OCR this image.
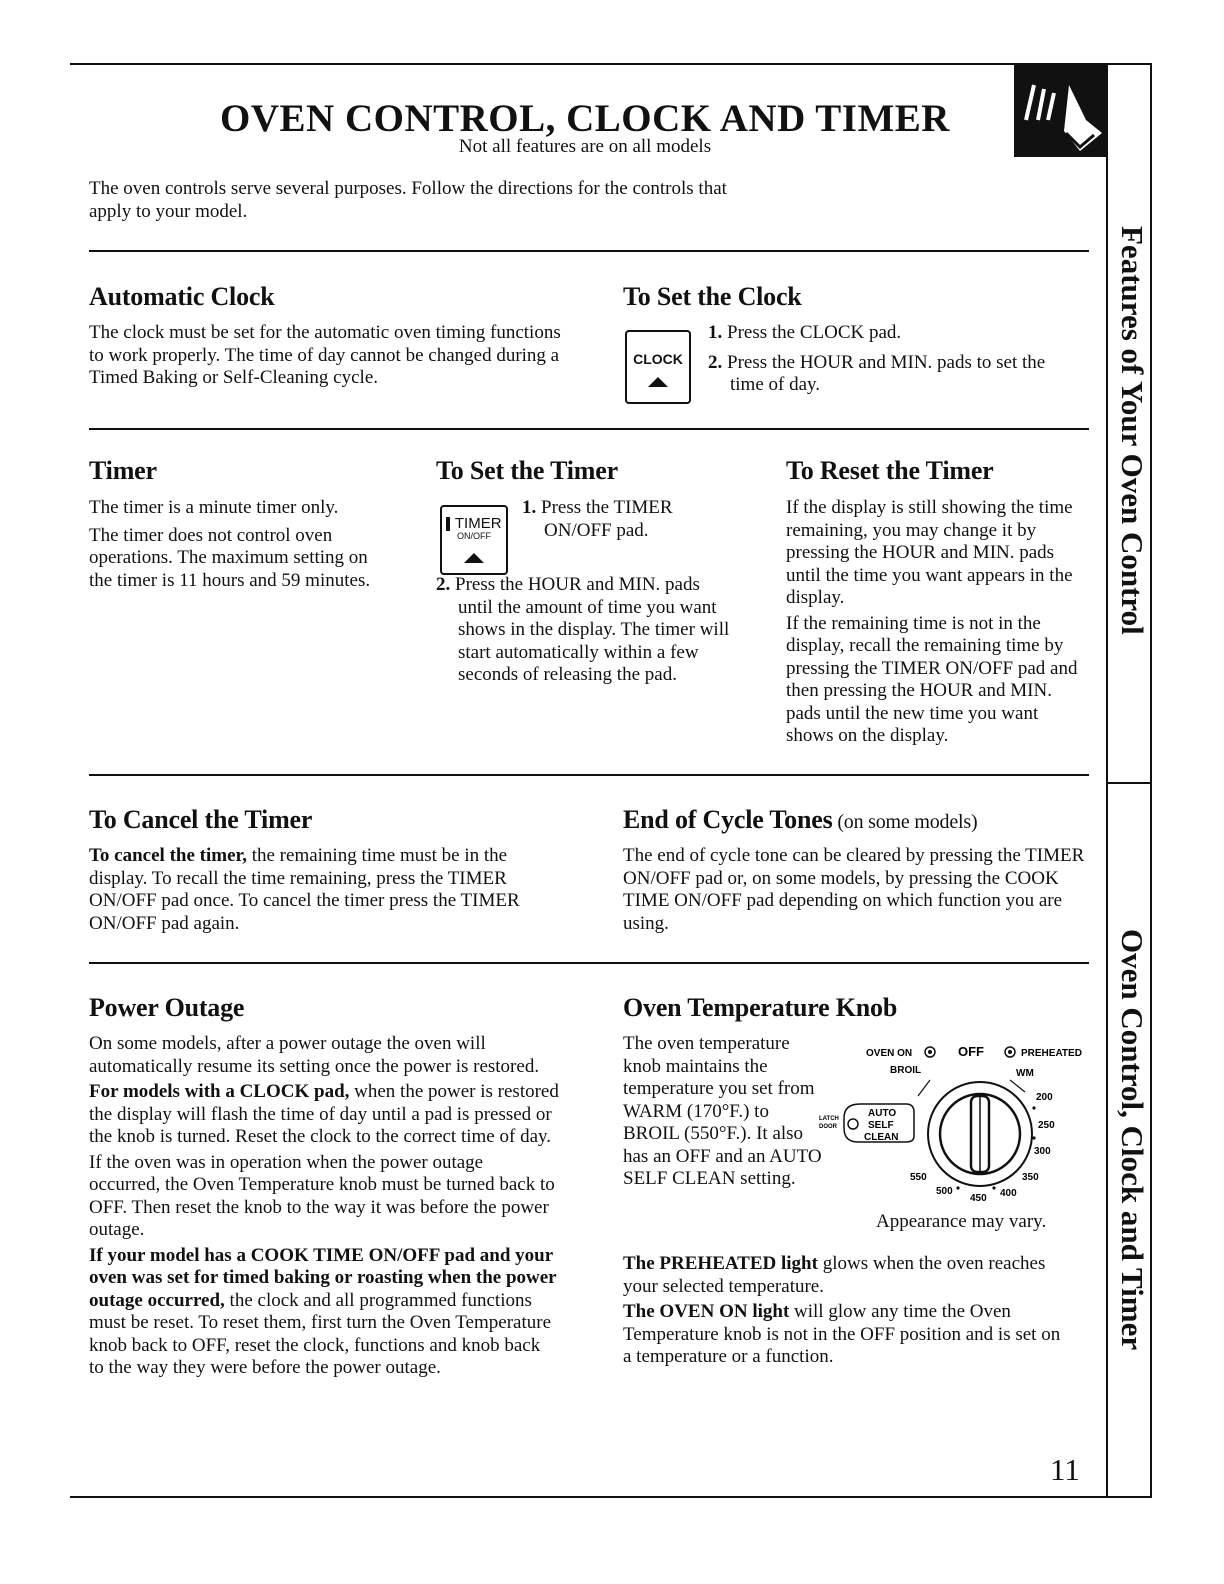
OVEN CONTROL, CLOCK AND TIMER
Not all features are on all models
The oven controls serve several purposes. Follow the directions for the controls that apply to your model.
Automatic Clock
The clock must be set for the automatic oven timing functions to work properly. The time of day cannot be changed during a Timed Baking or Self-Cleaning cycle.
To Set the Clock
CLOCK

1. Press the CLOCK pad.

2. Press the HOUR and MIN. pads to set the time of day.

Timer

The timer is a minute timer only.

The timer does not control oven operations. The maximum setting on the timer is 11 hours and 59 minutes.

To Set the Timer
TIMER
ON/OFF

1. Press the TIMER ON/OFF pad.

2. Press the HOUR and MIN. pads until the amount of time you want shows in the display. The timer will start automatically within a few seconds of releasing the pad.

To Reset the Timer

If the display is still showing the time remaining, you may change it by pressing the HOUR and MIN. pads until the time you want appears in the display.

If the remaining time is not in the display, recall the remaining time by pressing the TIMER ON/OFF pad and then pressing the HOUR and MIN. pads until the new time you want shows on the display.

To Cancel the Timer
To cancel the timer, the remaining time must be in the display. To recall the time remaining, press the TIMER ON/OFF pad once. To cancel the timer press the TIMER ON/OFF pad again.
End of Cycle Tones (on some models)
The end of cycle tone can be cleared by pressing the TIMER ON/OFF pad or, on some models, by pressing the COOK TIME ON/OFF pad depending on which function you are using.
Power Outage

On some models, after a power outage the oven will automatically resume its setting once the power is restored.

For models with a CLOCK pad, when the power is restored the display will flash the time of day until a pad is pressed or the knob is turned. Reset the clock to the correct time of day.

If the oven was in operation when the power outage occurred, the Oven Temperature knob must be turned back to OFF. Then reset the knob to the way it was before the power outage.

If your model has a COOK TIME ON/OFF pad and your oven was set for timed baking or roasting when the power outage occurred, the clock and all programmed functions must be reset. To reset them, first turn the Oven Temperature knob back to OFF, reset the clock, functions and knob back to the way they were before the power outage.

Oven Temperature Knob
The oven temperature knob maintains the temperature you set from WARM (170°F.) to BROIL (550°F.). It also has an OFF and an AUTO SELF CLEAN setting.
OVEN ON	OFF	PREHEATED
BROIL	WM
200
250
300
350
400
450
500
550
LATCH
DOOR
AUTO
SELF
CLEAN
Appearance may vary.

The PREHEATED light glows when the oven reaches your selected temperature.

The OVEN ON light will glow any time the Oven Temperature knob is not in the OFF position and is set on a temperature or a function.

Features of Your Oven Control
Oven Control, Clock and Timer
11
